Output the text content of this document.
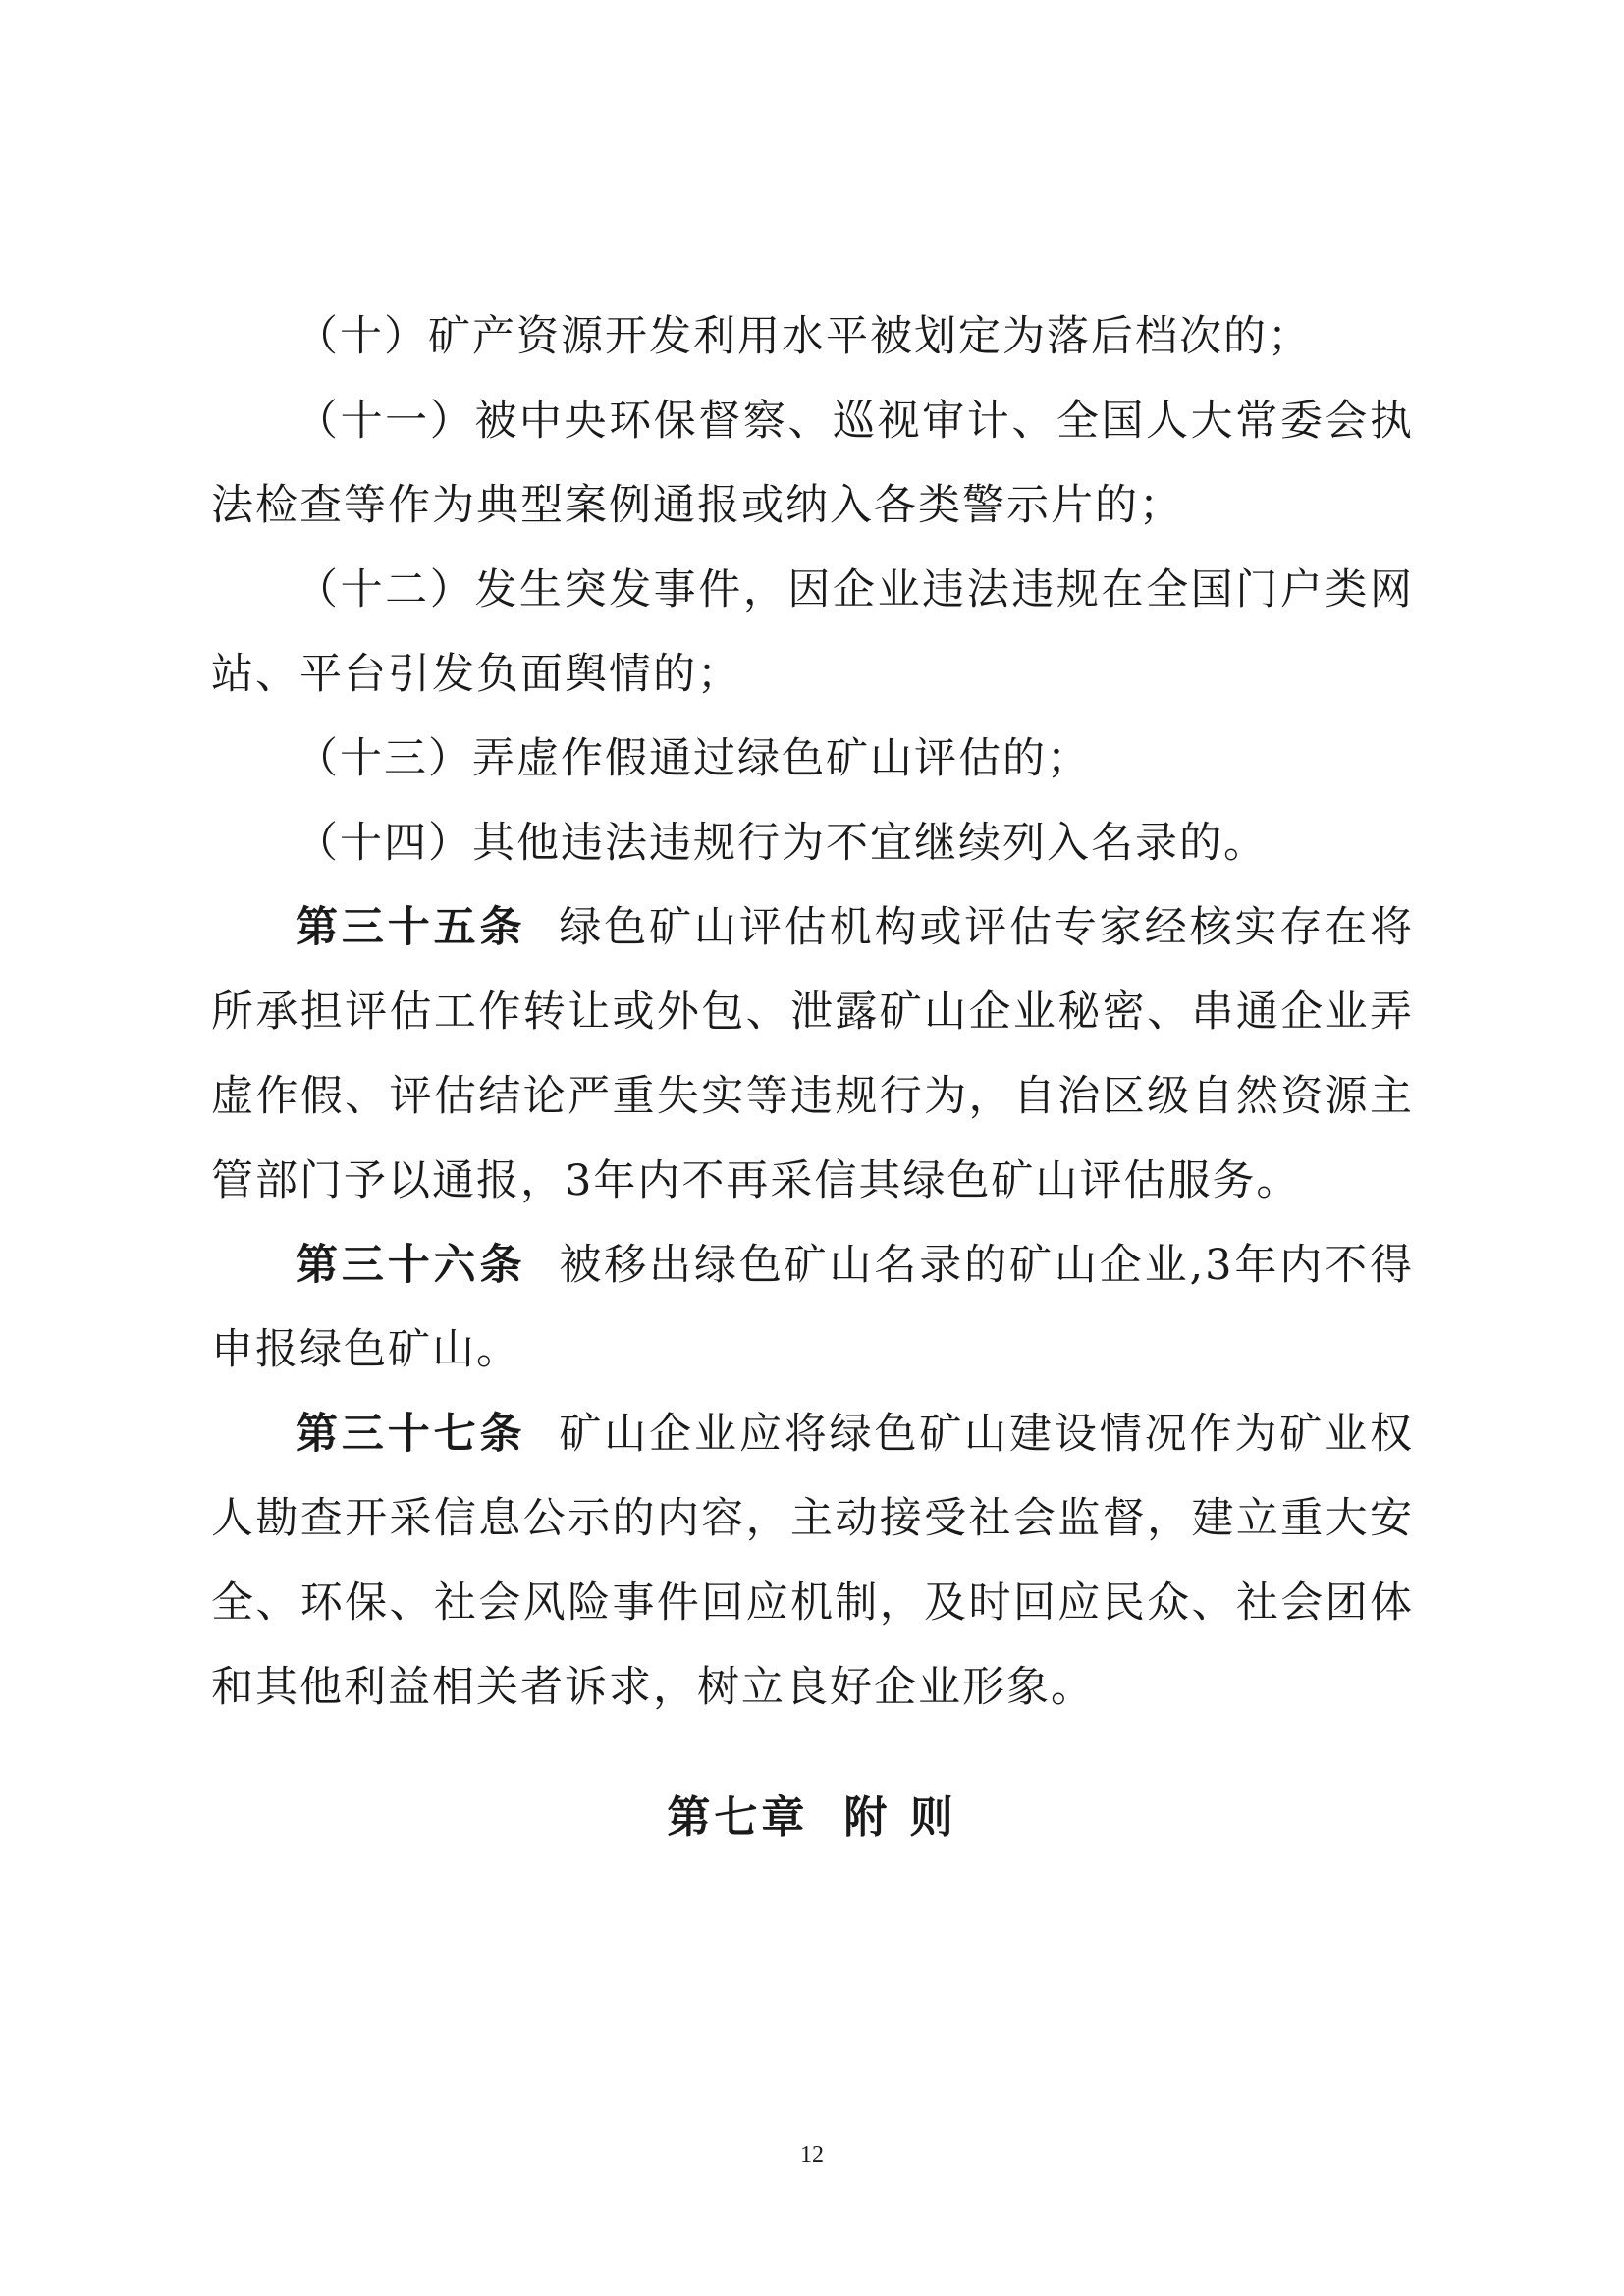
（十）矿产资源开发利用水平被划定为落后档次的；

（十一）被中央环保督察、巡视审计、全国人大常委会执法检查等作为典型案例通报或纳入各类警示片的；

（十二）发生突发事件，因企业违法违规在全国门户类网站、平台引发负面舆情的；

（十三）弄虚作假通过绿色矿山评估的；

（十四）其他违法违规行为不宜继续列入名录的。

第三十五条 绿色矿山评估机构或评估专家经核实存在将所承担评估工作转让或外包、泄露矿山企业秘密、串通企业弄虚作假、评估结论严重失实等违规行为，自治区级自然资源主管部门予以通报，3年内不再采信其绿色矿山评估服务。

第三十六条 被移出绿色矿山名录的矿山企业,3年内不得申报绿色矿山。

第三十七条 矿山企业应将绿色矿山建设情况作为矿业权人勘查开采信息公示的内容，主动接受社会监督，建立重大安全、环保、社会风险事件回应机制，及时回应民众、社会团体和其他利益相关者诉求，树立良好企业形象。

第七章 附 则
12
